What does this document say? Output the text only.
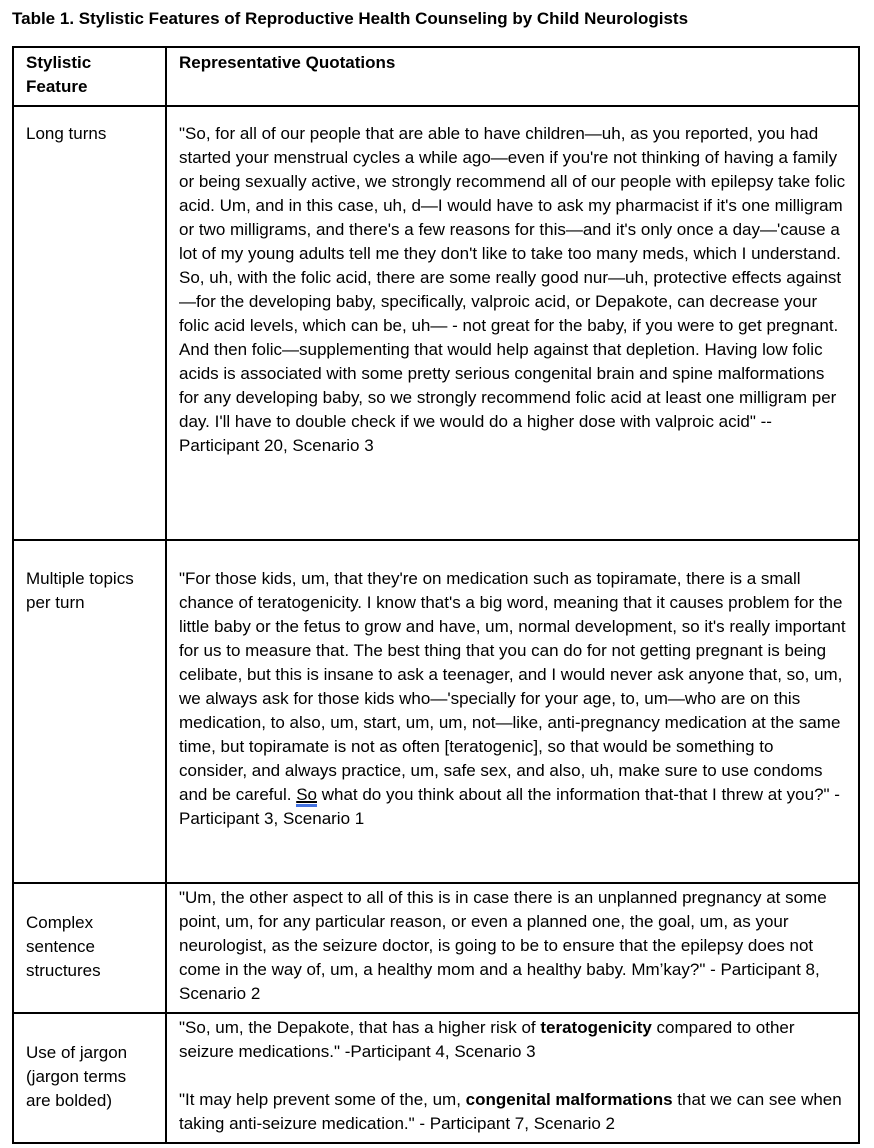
Table 1. Stylistic Features of Reproductive Health Counseling by Child Neurologists

Stylistic Feature	Representative Quotations
Long turns	"So, for all of our people that are able to have children—uh, as you reported, you had started your menstrual cycles a while ago—even if you're not thinking of having a family or being sexually active, we strongly recommend all of our people with epilepsy take folic acid. Um, and in this case, uh, d—I would have to ask my pharmacist if it's one milligram or two milligrams, and there's a few reasons for this—and it's only once a day—'cause a lot of my young adults tell me they don't like to take too many meds, which I understand. So, uh, with the folic acid, there are some really good nur—uh, protective effects against—for the developing baby, specifically, valproic acid, or Depakote, can decrease your folic acid levels, which can be, uh— - not great for the baby, if you were to get pregnant. And then folic—supplementing that would help against that depletion. Having low folic acids is associated with some pretty serious congenital brain and spine malformations for any developing baby, so we strongly recommend folic acid at least one milligram per day. I'll have to double check if we would do a higher dose with valproic acid" -- Participant 20, Scenario 3

Multiple topics per turn	"For those kids, um, that they're on medication such as topiramate, there is a small chance of teratogenicity. I know that's a big word, meaning that it causes problem for the little baby or the fetus to grow and have, um, normal development, so it's really important for us to measure that. The best thing that you can do for not getting pregnant is being celibate, but this is insane to ask a teenager, and I would never ask anyone that, so, um, we always ask for those kids who—'specially for your age, to, um—who are on this medication, to also, um, start, um, um, not—like, anti-pregnancy medication at the same time, but topiramate is not as often [teratogenic], so that would be something to consider, and always practice, um, safe sex, and also, uh, make sure to use condoms and be careful. So what do you think about all the information that-that I threw at you?" - Participant 3, Scenario 1

Complex sentence structures	"Um, the other aspect to all of this is in case there is an unplanned pregnancy at some point, um, for any particular reason, or even a planned one, the goal, um, as your neurologist, as the seizure doctor, is going to be to ensure that the epilepsy does not come in the way of, um, a healthy mom and a healthy baby. Mm’kay?" - Participant 8, Scenario 2

Use of jargon (jargon terms are bolded)	"So, um, the Depakote, that has a higher risk of teratogenicity compared to other seizure medications." -Participant 4, Scenario 3
"It may help prevent some of the, um, congenital malformations that we can see when taking anti-seizure medication." - Participant 7, Scenario 2
